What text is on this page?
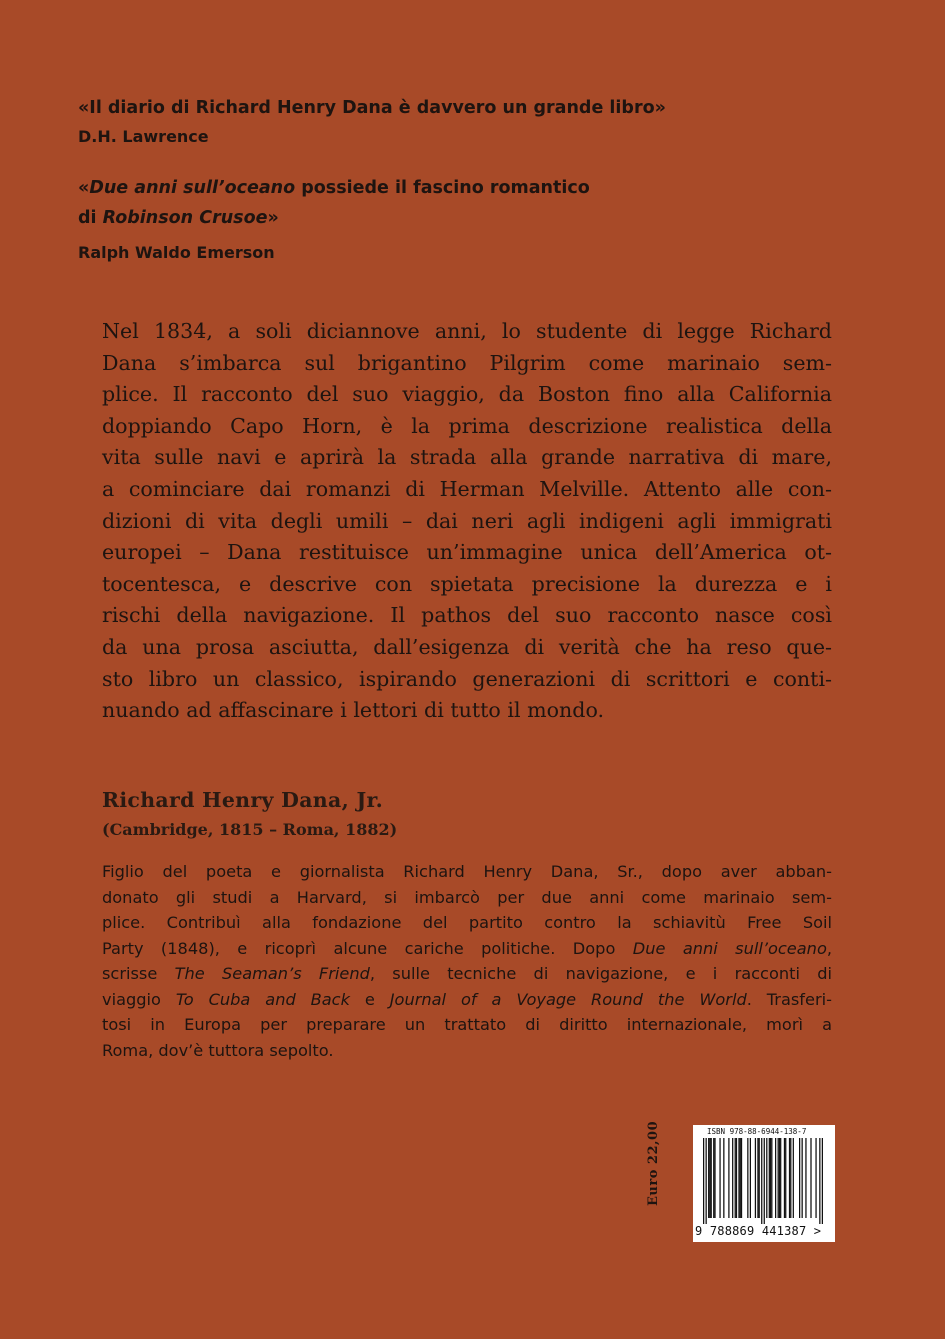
«Il diario di Richard Henry Dana è davvero un grande libro»
D.H. Lawrence
«Due anni sull’oceano possiede il fascino romantico
di Robinson Crusoe»
Ralph Waldo Emerson
Nel 1834, a soli diciannove anni, lo studente di legge Richard
Dana s’imbarca sul brigantino Pilgrim come marinaio sem-
plice. Il racconto del suo viaggio, da Boston fino alla California
doppiando Capo Horn, è la prima descrizione realistica della
vita sulle navi e aprirà la strada alla grande narrativa di mare,
a cominciare dai romanzi di Herman Melville. Attento alle con-
dizioni di vita degli umili – dai neri agli indigeni agli immigrati
europei – Dana restituisce un’immagine unica dell’America ot-
tocentesca, e descrive con spietata precisione la durezza e i
rischi della navigazione. Il pathos del suo racconto nasce così
da una prosa asciutta, dall’esigenza di verità che ha reso que-
sto libro un classico, ispirando generazioni di scrittori e conti-
nuando ad affascinare i lettori di tutto il mondo.
Richard Henry Dana, Jr.
(Cambridge, 1815 – Roma, 1882)
Figlio del poeta e giornalista Richard Henry Dana, Sr., dopo aver abban-
donato gli studi a Harvard, si imbarcò per due anni come marinaio sem-
plice. Contribuì alla fondazione del partito contro la schiavitù Free Soil
Party (1848), e ricoprì alcune cariche politiche. Dopo Due anni sull’oceano,
scrisse The Seaman’s Friend, sulle tecniche di navigazione, e i racconti di
viaggio To Cuba and Back e Journal of a Voyage Round the World. Trasferi-
tosi in Europa per preparare un trattato di diritto internazionale, morì a
Roma, dov’è tuttora sepolto.
Euro 22,00	ISBN 978-88-6944-138-7
9 788869 441387 >
